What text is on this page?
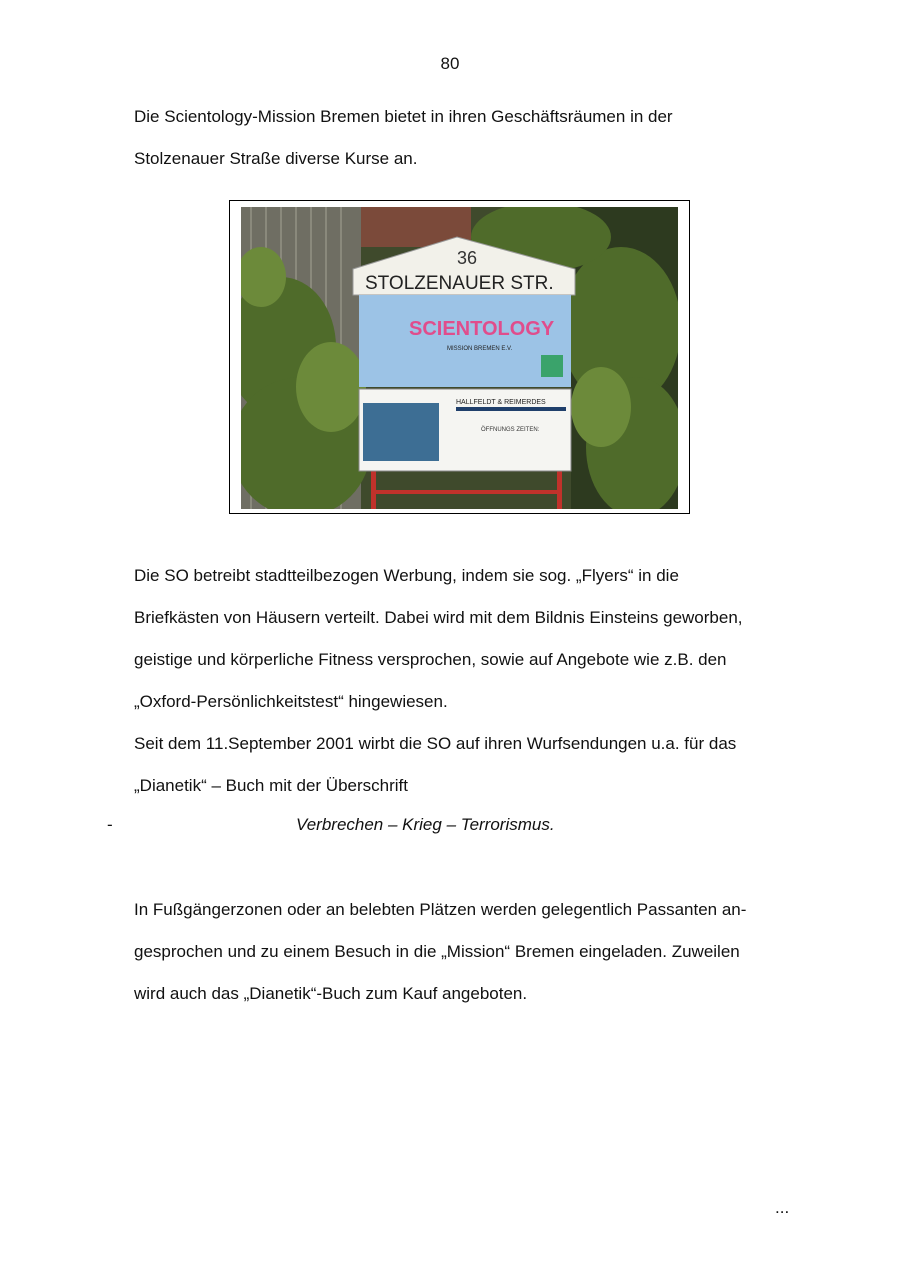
80

Die Scientology-Mission Bremen bietet in ihren Geschäftsräumen in der
Stolzenauer Straße diverse Kurse an.

36
STOLZENAUER STR.
SCIENTOLOGY
MISSION BREMEN E.V.
HALLFELDT & REIMERDES
ÖFFNUNGS ZEITEN:

Die SO betreibt stadtteilbezogen Werbung, indem sie sog. „Flyers“ in die
Briefkästen von Häusern verteilt. Dabei wird mit dem Bildnis Einsteins geworben,
geistige und körperliche Fitness versprochen, sowie auf Angebote wie z.B. den
„Oxford-Persönlichkeitstest“ hingewiesen.
Seit dem 11.September 2001 wirbt die SO auf ihren Wurfsendungen u.a. für das
„Dianetik“ – Buch mit der Überschrift

-	Verbrechen – Krieg – Terrorismus.

In Fußgängerzonen oder an belebten Plätzen werden gelegentlich Passanten an-
gesprochen und zu einem Besuch in die „Mission“ Bremen eingeladen. Zuweilen
wird auch das „Dianetik“-Buch zum Kauf angeboten.

...
